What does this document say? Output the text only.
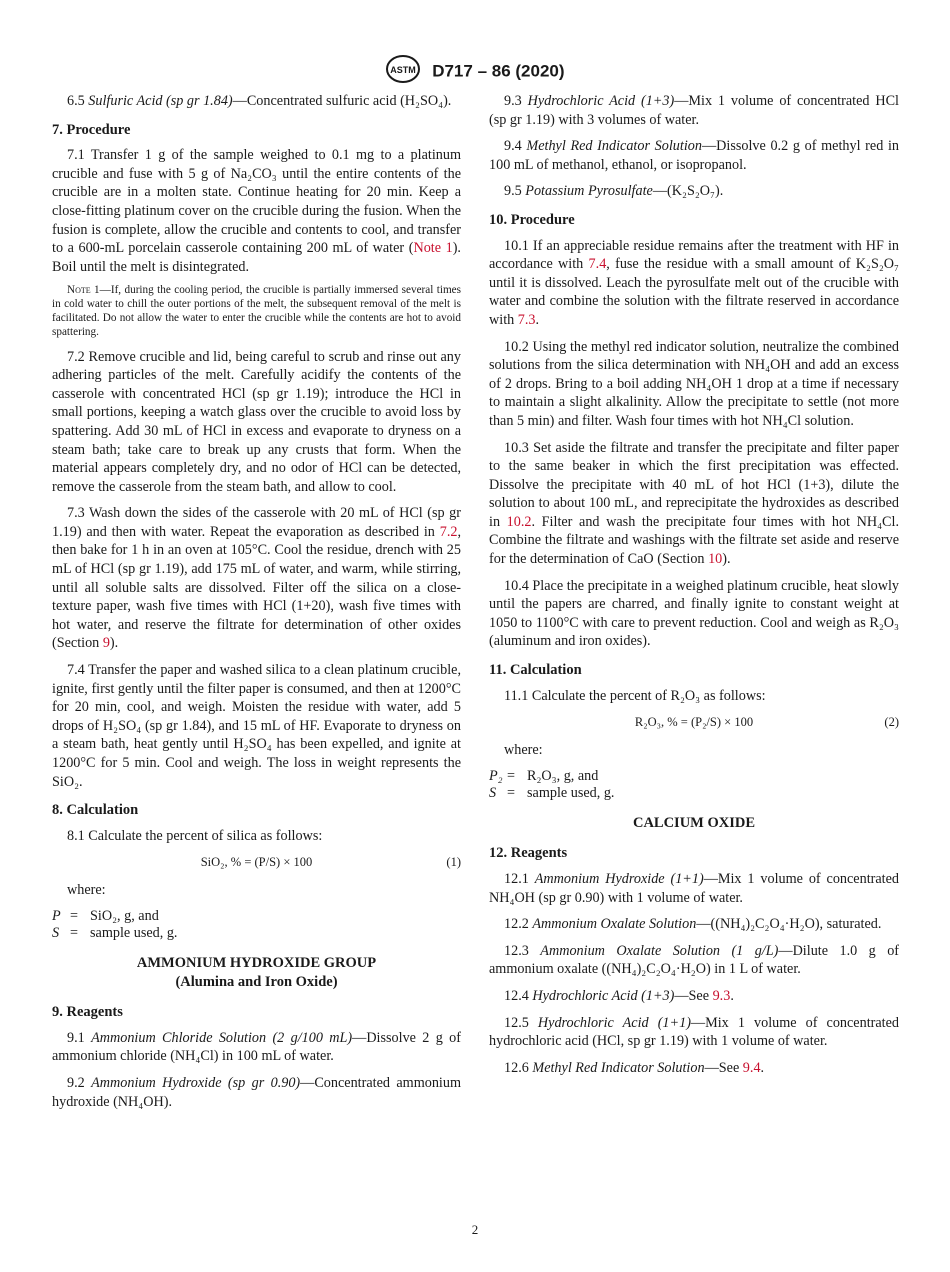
ASTM D717 – 86 (2020)

6.5 Sulfuric Acid (sp gr 1.84)—Concentrated sulfuric acid (H₂SO₄).

7. Procedure

7.1 Transfer 1 g of the sample weighed to 0.1 mg to a platinum crucible and fuse with 5 g of Na₂CO₃ until the entire contents of the crucible are in a molten state. Continue heating for 20 min. Keep a close-fitting platinum cover on the crucible during the fusion. When the fusion is complete, allow the crucible and contents to cool, and transfer to a 600-mL porcelain casserole containing 200 mL of water (Note 1). Boil until the melt is disintegrated.

Note 1—If, during the cooling period, the crucible is partially immersed several times in cold water to chill the outer portions of the melt, the subsequent removal of the melt is facilitated. Do not allow the water to enter the crucible while the contents are hot to avoid spattering.

7.2 Remove crucible and lid, being careful to scrub and rinse out any adhering particles of the melt. Carefully acidify the contents of the casserole with concentrated HCl (sp gr 1.19); introduce the HCl in small portions, keeping a watch glass over the crucible to avoid loss by spattering. Add 30 mL of HCl in excess and evaporate to dryness on a steam bath; take care to break up any crusts that form. When the material appears completely dry, and no odor of HCl can be detected, remove the casserole from the steam bath, and allow to cool.

7.3 Wash down the sides of the casserole with 20 mL of HCl (sp gr 1.19) and then with water. Repeat the evaporation as described in 7.2, then bake for 1 h in an oven at 105°C. Cool the residue, drench with 25 mL of HCl (sp gr 1.19), add 175 mL of water, and warm, while stirring, until all soluble salts are dissolved. Filter off the silica on a close-texture paper, wash five times with HCl (1+20), wash five times with hot water, and reserve the filtrate for determination of other oxides (Section 9).

7.4 Transfer the paper and washed silica to a clean platinum crucible, ignite, first gently until the filter paper is consumed, and then at 1200°C for 20 min, cool, and weigh. Moisten the residue with water, add 5 drops of H₂SO₄ (sp gr 1.84), and 15 mL of HF. Evaporate to dryness on a steam bath, heat gently until H₂SO₄ has been expelled, and ignite at 1200°C for 5 min. Cool and weigh. The loss in weight represents the SiO₂.

8. Calculation

8.1 Calculate the percent of silica as follows:

SiO₂, % = (P/S) × 100	(1)

where:

P = SiO₂, g, and
S = sample used, g.
AMMONIUM HYDROXIDE GROUP
(Alumina and Iron Oxide)
9. Reagents

9.1 Ammonium Chloride Solution (2 g/100 mL)—Dissolve 2 g of ammonium chloride (NH₄Cl) in 100 mL of water.

9.2 Ammonium Hydroxide (sp gr 0.90)—Concentrated ammonium hydroxide (NH₄OH).

9.3 Hydrochloric Acid (1+3)—Mix 1 volume of concentrated HCl (sp gr 1.19) with 3 volumes of water.

9.4 Methyl Red Indicator Solution—Dissolve 0.2 g of methyl red in 100 mL of methanol, ethanol, or isopropanol.

9.5 Potassium Pyrosulfate—(K₂S₂O₇).

10. Procedure

10.1 If an appreciable residue remains after the treatment with HF in accordance with 7.4, fuse the residue with a small amount of K₂S₂O₇ until it is dissolved. Leach the pyrosulfate melt out of the crucible with water and combine the solution with the filtrate reserved in accordance with 7.3.

10.2 Using the methyl red indicator solution, neutralize the combined solutions from the silica determination with NH₄OH and add an excess of 2 drops. Bring to a boil adding NH₄OH 1 drop at a time if necessary to maintain a slight alkalinity. Allow the precipitate to settle (not more than 5 min) and filter. Wash four times with hot NH₄Cl solution.

10.3 Set aside the filtrate and transfer the precipitate and filter paper to the same beaker in which the first precipitation was effected. Dissolve the precipitate with 40 mL of hot HCl (1+3), dilute the solution to about 100 mL, and reprecipitate the hydroxides as described in 10.2. Filter and wash the precipitate four times with hot NH₄Cl. Combine the filtrate and washings with the filtrate set aside and reserve for the determination of CaO (Section 10).

10.4 Place the precipitate in a weighed platinum crucible, heat slowly until the papers are charred, and finally ignite to constant weight at 1050 to 1100°C with care to prevent reduction. Cool and weigh as R₂O₃ (aluminum and iron oxides).

11. Calculation

11.1 Calculate the percent of R₂O₃ as follows:

R₂O₃, % = (P₂/S) × 100	(2)

where:

P₂ = R₂O₃, g, and
S = sample used, g.
CALCIUM OXIDE
12. Reagents

12.1 Ammonium Hydroxide (1+1)—Mix 1 volume of concentrated NH₄OH (sp gr 0.90) with 1 volume of water.

12.2 Ammonium Oxalate Solution—((NH₄)₂C₂O₄·H₂O), saturated.

12.3 Ammonium Oxalate Solution (1 g/L)—Dilute 1.0 g of ammonium oxalate ((NH₄)₂C₂O₄·H₂O) in 1 L of water.

12.4 Hydrochloric Acid (1+3)—See 9.3.

12.5 Hydrochloric Acid (1+1)—Mix 1 volume of concentrated hydrochloric acid (HCl, sp gr 1.19) with 1 volume of water.

12.6 Methyl Red Indicator Solution—See 9.4.

2
